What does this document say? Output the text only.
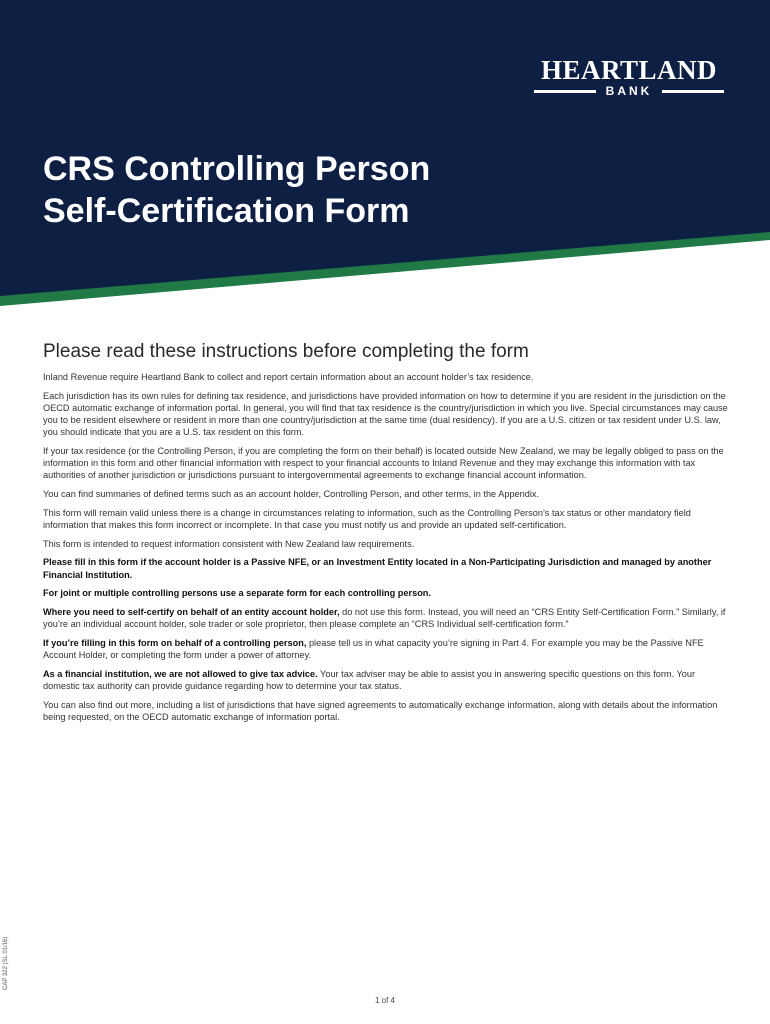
HEARTLAND
BANK
CRS Controlling Person
Self-Certification Form
Please read these instructions before completing the form

Inland Revenue require Heartland Bank to collect and report certain information about an account holder’s tax residence.

Each jurisdiction has its own rules for defining tax residence, and jurisdictions have provided information on how to determine if you are resident in the jurisdiction on the OECD automatic exchange of information portal. In general, you will find that tax residence is the country/jurisdiction in which you live. Special circumstances may cause you to be resident elsewhere or resident in more than one country/jurisdiction at the same time (dual residency). If you are a U.S. citizen or tax resident under U.S. law, you should indicate that you are a U.S. tax resident on this form.

If your tax residence (or the Controlling Person, if you are completing the form on their behalf) is located outside New Zealand, we may be legally obliged to pass on the information in this form and other financial information with respect to your financial accounts to Inland Revenue and they may exchange this information with tax authorities of another jurisdiction or jurisdictions pursuant to intergovernmental agreements to exchange financial account information.

You can find summaries of defined terms such as an account holder, Controlling Person, and other terms, in the Appendix.

This form will remain valid unless there is a change in circumstances relating to information, such as the Controlling Person’s tax status or other mandatory field information that makes this form incorrect or incomplete. In that case you must notify us and provide an updated self-certification.

This form is intended to request information consistent with New Zealand law requirements.

Please fill in this form if the account holder is a Passive NFE, or an Investment Entity located in a Non-Participating Jurisdiction and managed by another Financial Institution.

For joint or multiple controlling persons use a separate form for each controlling person.

Where you need to self-certify on behalf of an entity account holder, do not use this form. Instead, you will need an “CRS Entity Self-Certification Form.” Similarly, if you’re an individual account holder, sole trader or sole proprietor, then please complete an “CRS Individual self-certification form.”

If you’re filling in this form on behalf of a controlling person, please tell us in what capacity you’re signing in Part 4. For example you may be the Passive NFE Account Holder, or completing the form under a power of attorney.

As a financial institution, we are not allowed to give tax advice. Your tax adviser may be able to assist you in answering specific questions on this form. Your domestic tax authority can provide guidance regarding how to determine your tax status.

You can also find out more, including a list of jurisdictions that have signed agreements to automatically exchange information, along with details about the information being requested, on the OECD automatic exchange of information portal.

CAP 322 (SL 01/16)
1 of 4
